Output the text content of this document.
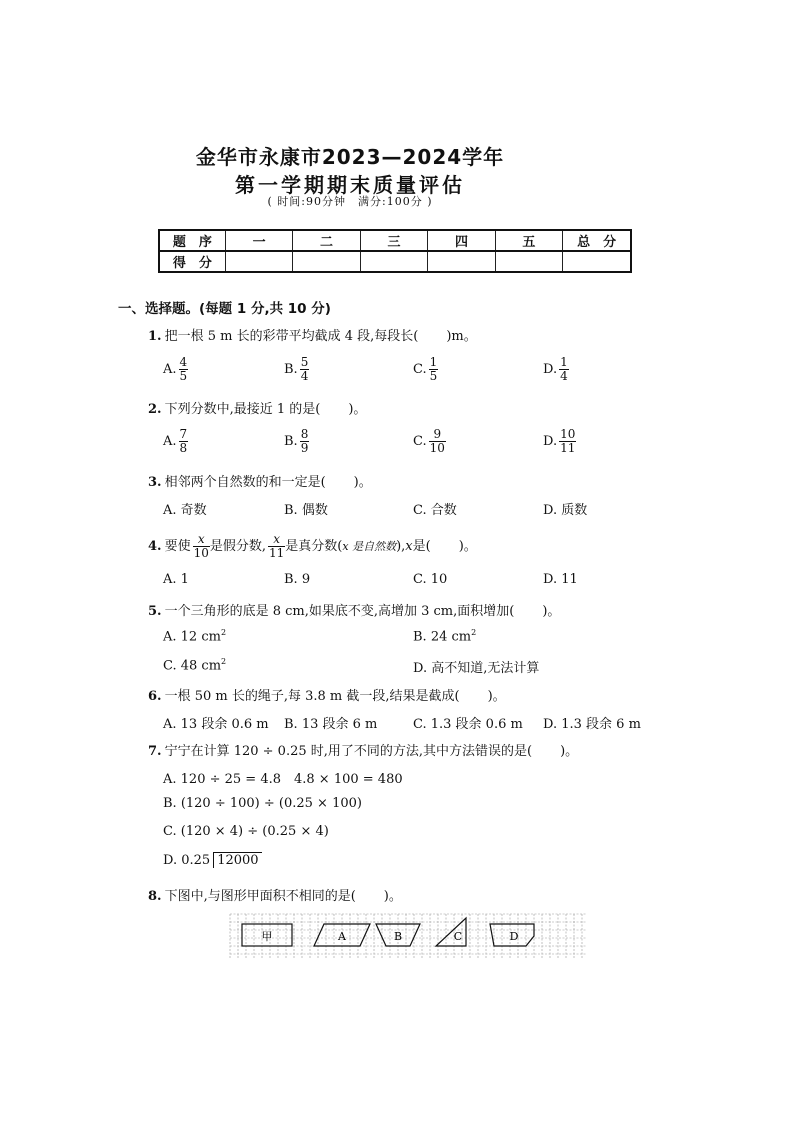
金华市永康市2023—2024学年
第一学期期末质量评估
( 时间:90分钟　满分:100分 )
题　序	一	二	三	四	五	总　分
得　分						
一、选择题。(每题 1 分,共 10 分)
1. 把一根 5 m 长的彩带平均截成 4 段,每段长( )m。
A. $\frac{4}{5}$	B. $\frac{5}{4}$	C. $\frac{1}{5}$	D. $\frac{1}{4}$
2. 下列分数中,最接近 1 的是( )。
A. $\frac{7}{8}$	B. $\frac{8}{9}$	C. $\frac{9}{10}$	D. $\frac{10}{11}$
3. 相邻两个自然数的和一定是( )。
A. 奇数	B. 偶数	C. 合数	D. 质数
4. 要使 $\frac{x}{10}$ 是假分数, $\frac{x}{11}$ 是真分数(x 是自然数),x是( )。
A. 1	B. 9	C. 10	D. 11
5. 一个三角形的底是 8 cm,如果底不变,高增加 3 cm,面积增加( )。
A. 12 $cm^2$	B. 24 $cm^2$
C. 48 $cm^2$	D. 高不知道,无法计算
6. 一根 50 m 长的绳子,每 3.8 m 截一段,结果是截成( )。
A. 13 段余 0.6 m B. 13 段余 6 m	C. 1.3 段余 0.6 m D. 1.3 段余 6 m
7. 宁宁在计算 120 ÷ 0.25 时,用了不同的方法,其中方法错误的是( )。
A. 120 ÷ 25 = 4.8　4.8 × 100 = 480
B. (120 ÷ 100) ÷ (0.25 × 100)
C. (120 × 4) ÷ (0.25 × 4)
D. 0.25 12000
8. 下图中,与图形甲面积不相同的是( )。
甲	A	B	C	D
